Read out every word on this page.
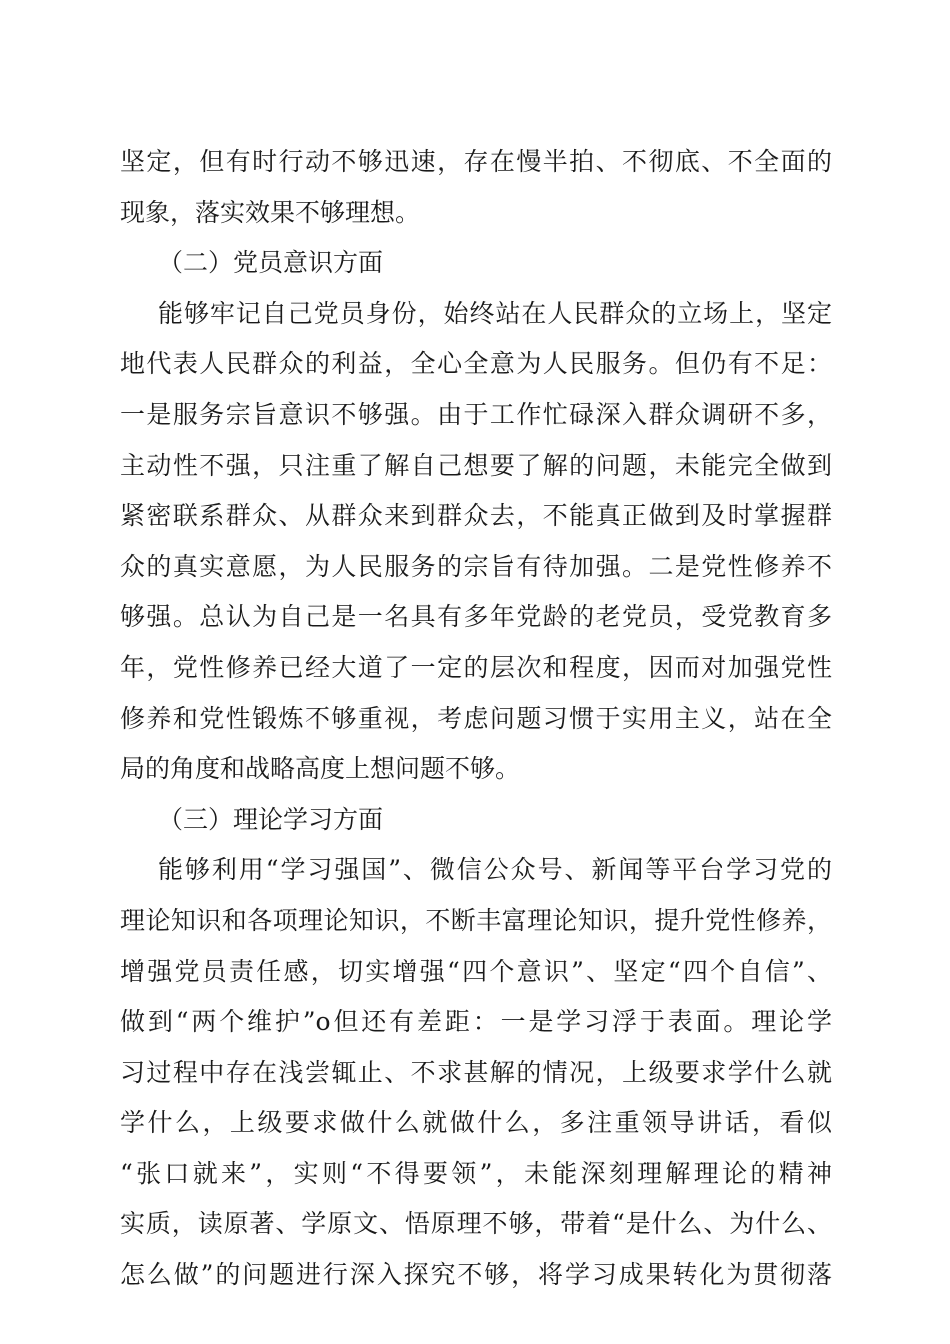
坚定，但有时行动不够迅速，存在慢半拍、不彻底、不全面的
现象，落实效果不够理想。
（二）党员意识方面
能够牢记自己党员身份，始终站在人民群众的立场上，坚定
地代表人民群众的利益，全心全意为人民服务。但仍有不足：
一是服务宗旨意识不够强。由于工作忙碌深入群众调研不多，
主动性不强，只注重了解自己想要了解的问题，未能完全做到
紧密联系群众、从群众来到群众去，不能真正做到及时掌握群
众的真实意愿，为人民服务的宗旨有待加强。二是党性修养不
够强。总认为自己是一名具有多年党龄的老党员，受党教育多
年，党性修养已经大道了一定的层次和程度，因而对加强党性
修养和党性锻炼不够重视，考虑问题习惯于实用主义，站在全
局的角度和战略高度上想问题不够。
（三）理论学习方面
能够利用“学习强国”、微信公众号、新闻等平台学习党的
理论知识和各项理论知识，不断丰富理论知识，提升党性修养，
增强党员责任感，切实增强“四个意识”、坚定“四个自信”、
做到“两个维护”o但还有差距：一是学习浮于表面。理论学
习过程中存在浅尝辄止、不求甚解的情况，上级要求学什么就
学什么，上级要求做什么就做什么，多注重领导讲话，看似
“张口就来”，实则“不得要领”，未能深刻理解理论的精神
实质，读原著、学原文、悟原理不够，带着“是什么、为什么、
怎么做”的问题进行深入探究不够，将学习成果转化为贯彻落
